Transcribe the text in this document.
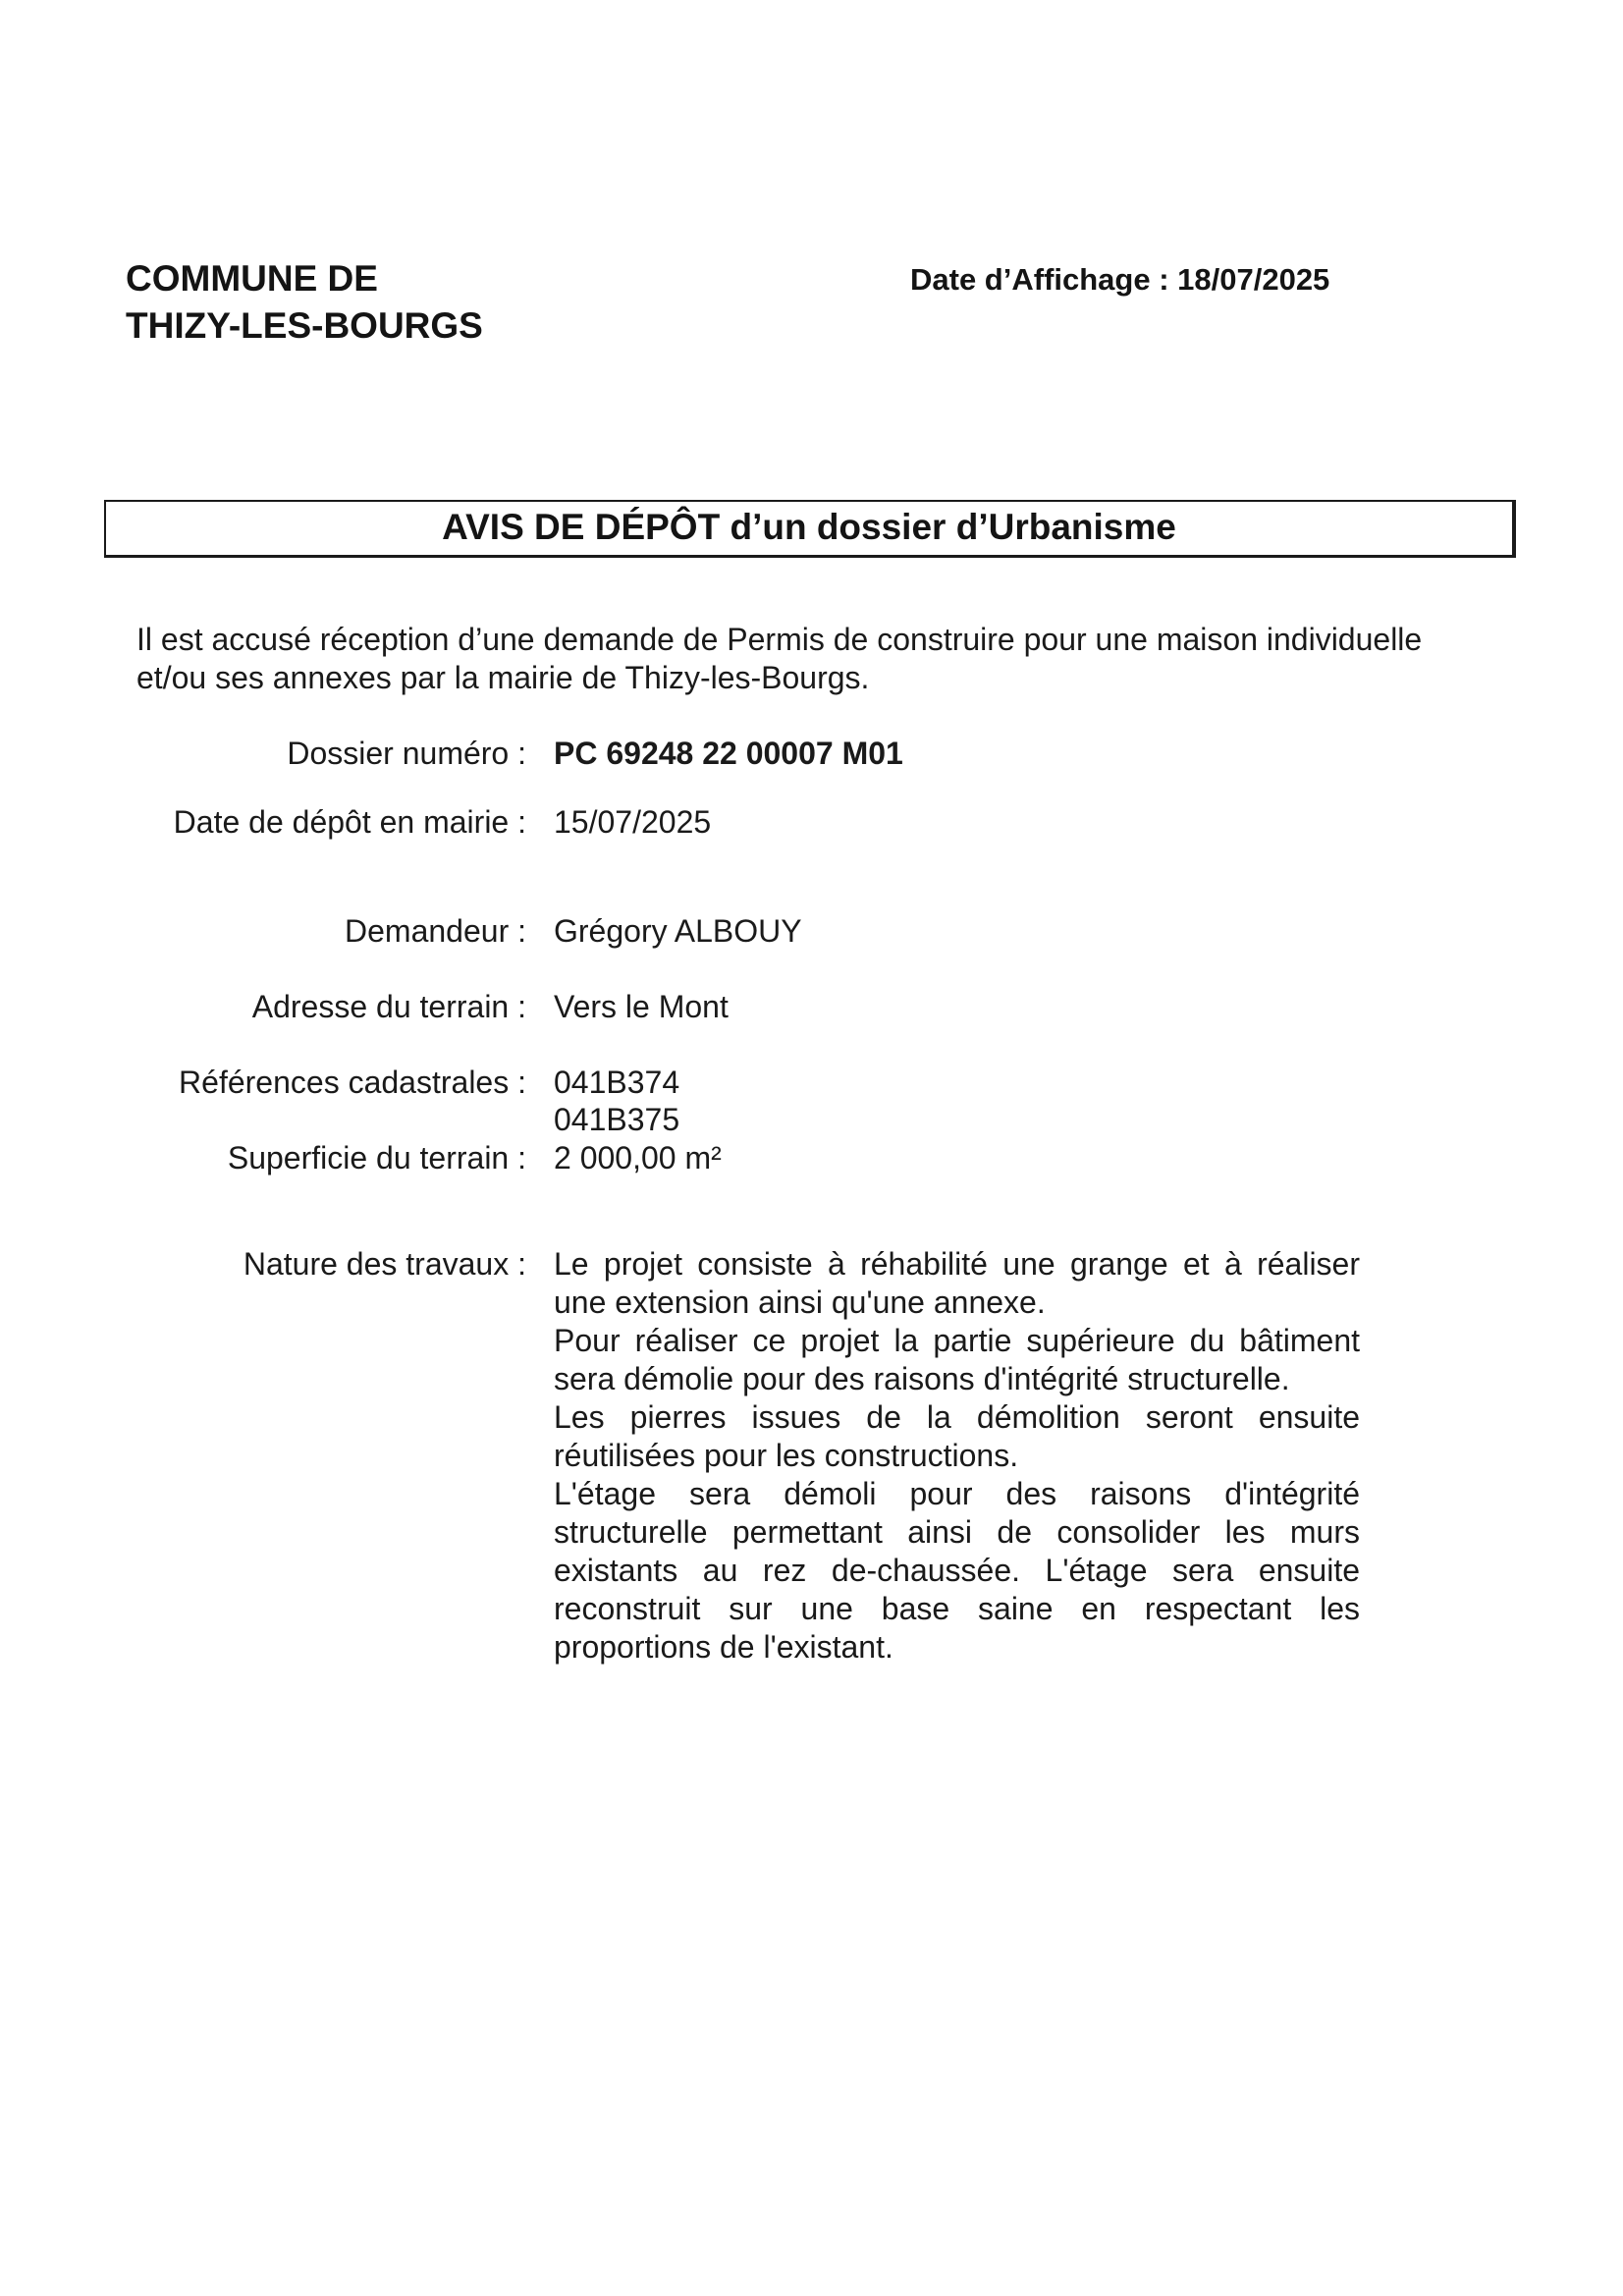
COMMUNE DE
THIZY-LES-BOURGS
Date d’Affichage : 18/07/2025
AVIS DE DÉPÔT d’un dossier d’Urbanisme
Il est accusé réception d’une demande de Permis de construire pour une maison individuelle et/ou ses annexes par la mairie de Thizy-les-Bourgs.
Dossier numéro : PC 69248 22 00007 M01
Date de dépôt en mairie : 15/07/2025
Demandeur : Grégory ALBOUY
Adresse du terrain : Vers le Mont
Références cadastrales : 041B374
041B375
Superficie du terrain : 2 000,00 m²
Nature des travaux : Le projet consiste à réhabilité une grange et à réaliser une extension ainsi qu'une annexe.

Pour réaliser ce projet la partie supérieure du bâtiment sera démolie pour des raisons d'intégrité structurelle.

Les pierres issues de la démolition seront ensuite réutilisées pour les constructions.

L'étage sera démoli pour des raisons d'intégrité structurelle permettant ainsi de consolider les murs existants au rez de-chaussée. L'étage sera ensuite reconstruit sur une base saine en respectant les proportions de l'existant.
